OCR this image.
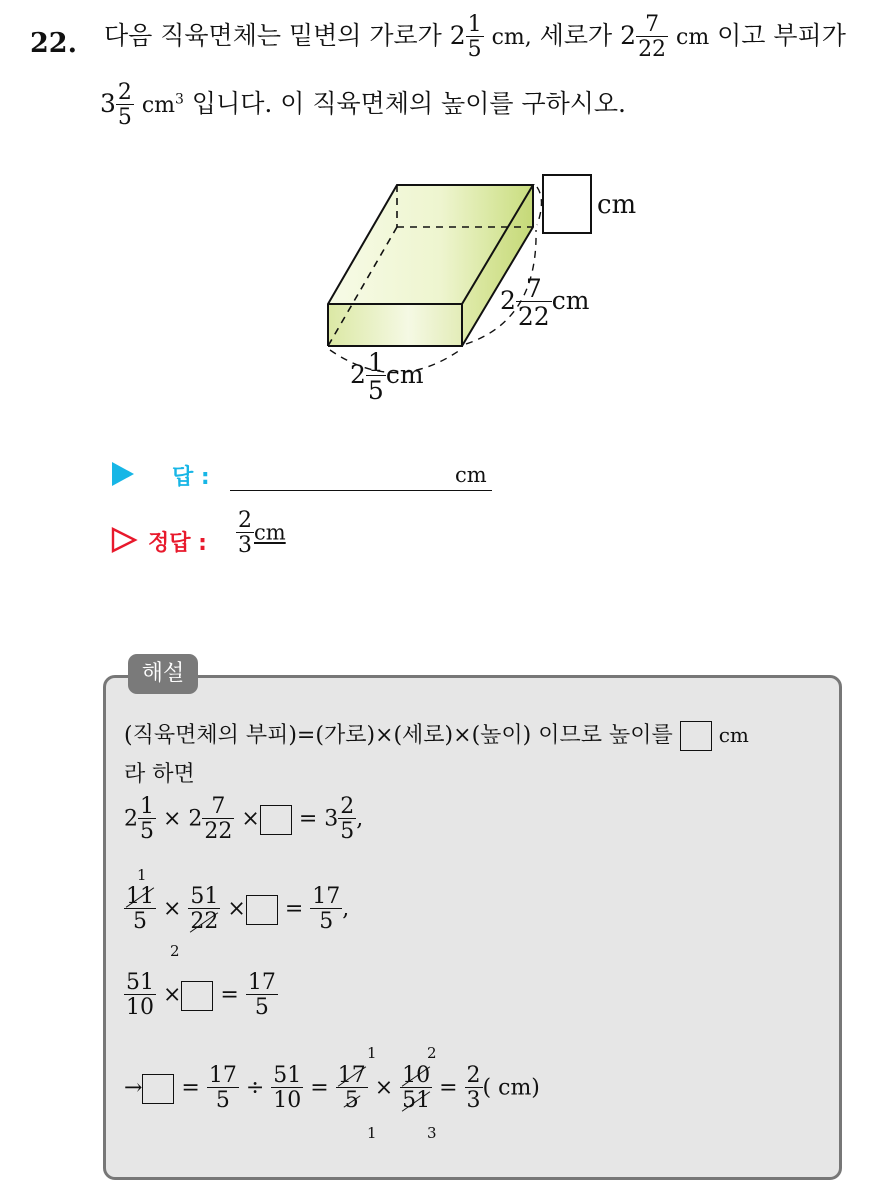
22. 다음 직육면체는 밑변의 가로가 $2 \frac{1}{5}$ cm, 세로가 $2 \frac{7}{22}$ cm 이고 부피가
$3 \frac{2}{5} cm^3$ 입니다. 이 직육면체의 높이를 구하시오.
cm
$2 \frac{7}{22}$ cm
$2 \frac{1}{5}$ cm
답 :	cm
정답 : $\frac{2}{3}$ cm
해설
(직육면체의 부피)=(가로)×(세로)×(높이) 이므로 높이를 cm
라 하면
$2 \frac{1}{5} \times 2 \frac{7}{22}$ × = $3 \frac{2}{5}$ ,
1
$\frac{11}{5} \times \frac{51}{22}$ × = $\frac{17}{5}$ ,
2
$\frac{51}{10}$ × = $\frac{17}{5}$
1	2
→ = $\frac{17}{5} \div \frac{51}{10} = \frac{17}{5} \times \frac{10}{51} = \frac{2}{3}$ ( cm)
1	3
